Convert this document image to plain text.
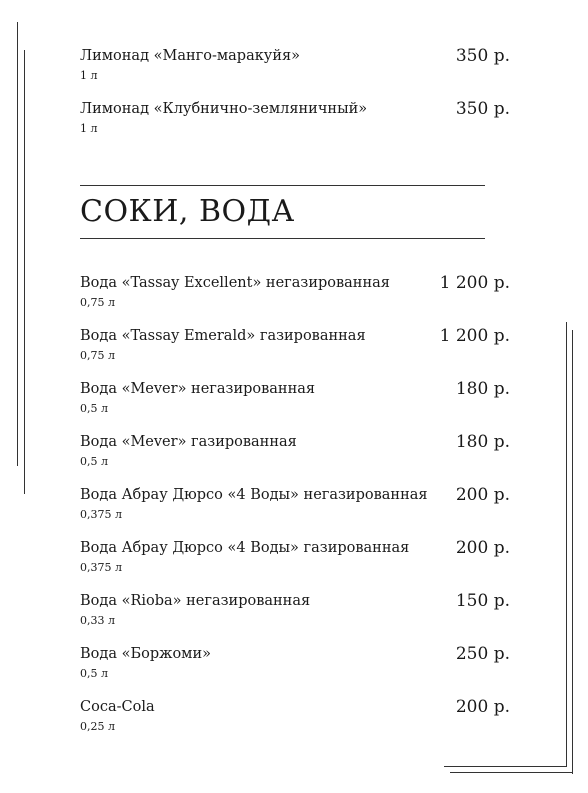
Лимонад «Манго-маракуйя»
1 л
350 р.
Лимонад «Клубнично-земляничный»
1 л
350 р.
СОКИ, ВОДА
Вода «Tassay Excellent» негазированная
0,75 л
1 200 р.
Вода «Tassay Emerald» газированная
0,75 л
1 200 р.
Вода «Mever» негазированная
0,5 л
180 р.
Вода «Mever» газированная
0,5 л
180 р.
Вода Абрау Дюрсо «4 Воды» негазированная
0,375 л
200 р.
Вода Абрау Дюрсо «4 Воды» газированная
0,375 л
200 р.
Вода «Rioba» негазированная
0,33 л
150 р.
Вода «Боржоми»
0,5 л
250 р.
Coca-Cola
0,25 л
200 р.
